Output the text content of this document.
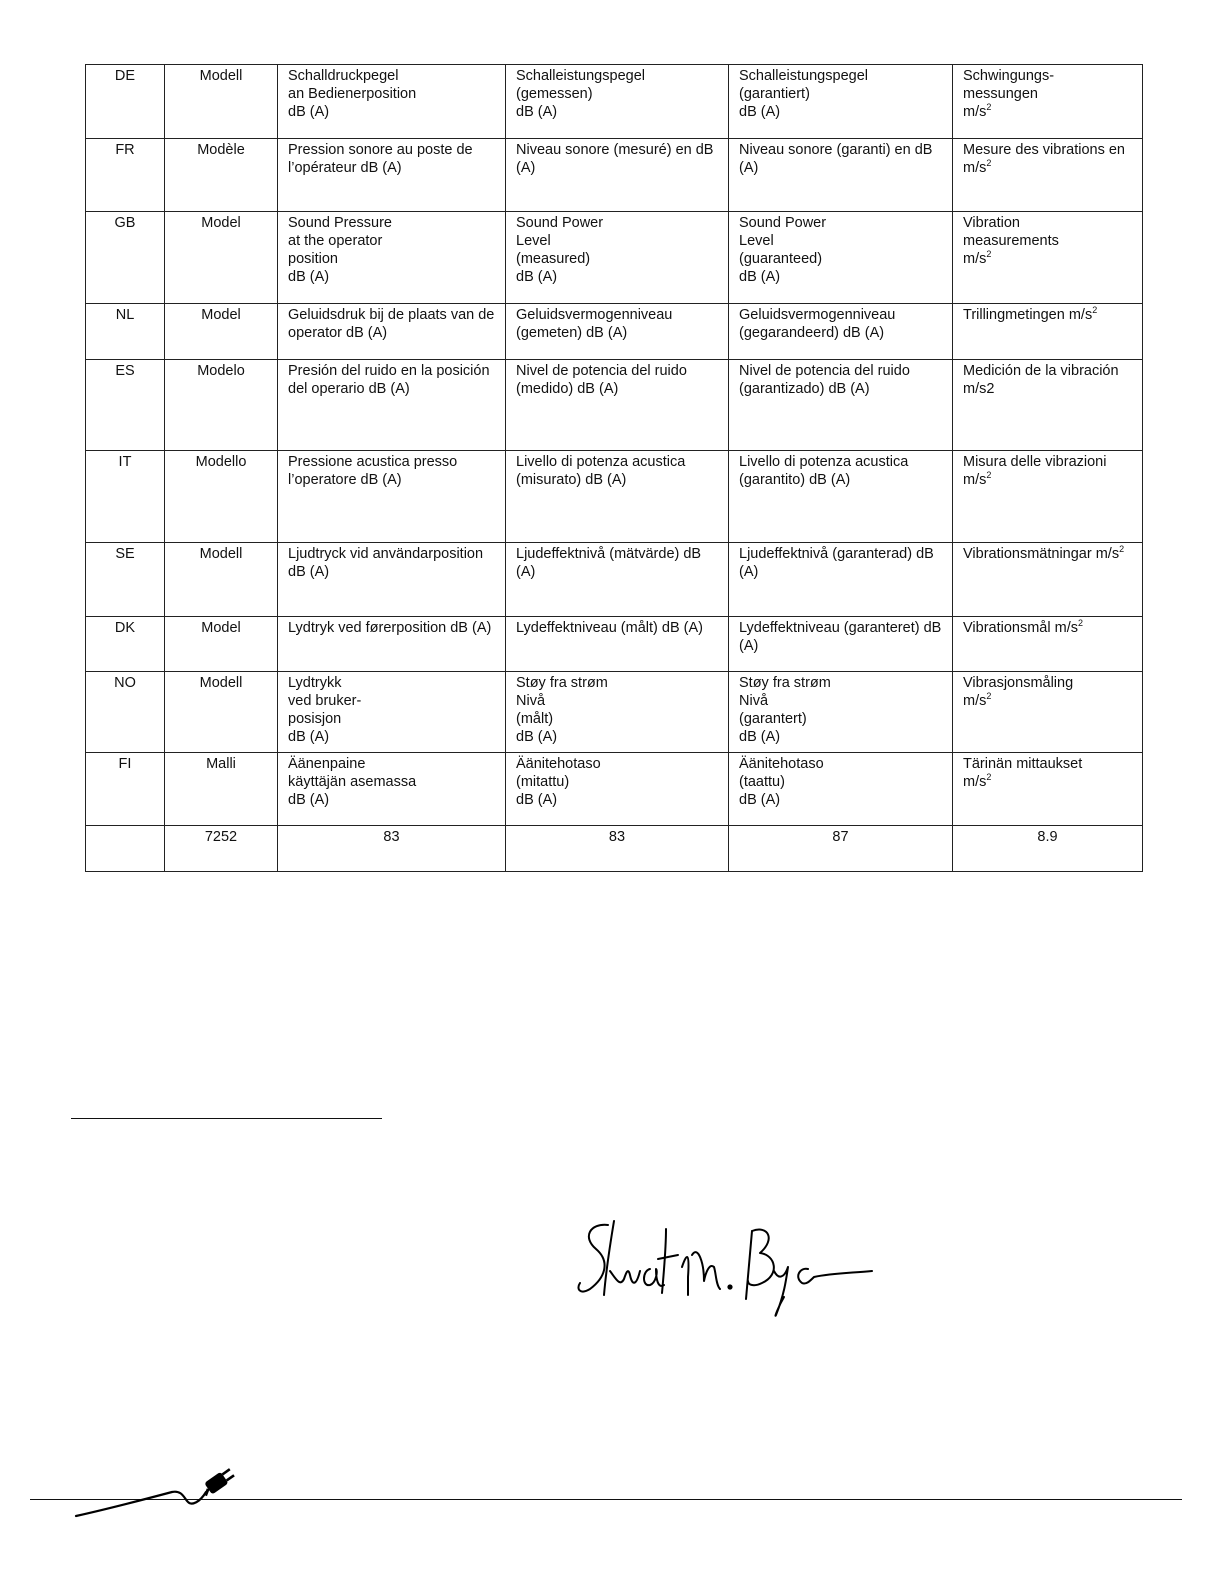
DE	Modell	Schalldruckpegel
an Bedienerposition
dB (A)	Schalleistungspegel
(gemessen)
dB (A)	Schalleistungspegel
(garantiert)
dB (A)	Schwingungs-
messungen
$m/s^2$
FR	Modèle	Pression sonore au poste de l’opérateur dB (A)	Niveau sonore (mesuré) en dB (A)	Niveau sonore (garanti) en dB (A)	Mesure des vibrations en $m/s^2$
GB	Model	Sound Pressure
at the operator
position
dB (A)	Sound Power
Level
(measured)
dB (A)	Sound Power
Level
(guaranteed)
dB (A)	Vibration
measurements
$m/s^2$
NL	Model	Geluidsdruk bij de plaats van de operator dB (A)	Geluidsvermogenniveau
(gemeten) dB (A)	Geluidsvermogenniveau
(gegarandeerd) dB (A)	Trillingmetingen $m/s^2$
ES	Modelo	Presión del ruido en la posición del operario dB (A)	Nivel de potencia del ruido (medido) dB (A)	Nivel de potencia del ruido (garantizado) dB (A)	Medición de la vibración m/s2
IT	Modello	Pressione acustica presso l’operatore dB (A)	Livello di potenza acustica (misurato) dB (A)	Livello di potenza acustica (garantito) dB (A)	Misura delle vibrazioni $m/s^2$
SE	Modell	Ljudtryck vid användarposition dB (A)	Ljudeffektnivå (mätvärde) dB (A)	Ljudeffektnivå (garanterad) dB (A)	Vibrationsmätningar $m/s^2$
DK	Model	Lydtryk ved førerposition dB (A)	Lydeffektniveau (målt) dB (A)	Lydeffektniveau (garanteret) dB (A)	Vibrationsmål $m/s^2$
NO	Modell	Lydtrykk
ved bruker-
posisjon
dB (A)	Støy fra strøm
Nivå
(målt)
dB (A)	Støy fra strøm
Nivå
(garantert)
dB (A)	Vibrasjonsmåling
$m/s^2$
FI	Malli	Äänenpaine
käyttäjän asemassa
dB (A)	Äänitehotaso
(mitattu)
dB (A)	Äänitehotaso
(taattu)
dB (A)	Tärinän mittaukset
$m/s^2$
	7252	83	83	87	8.9
